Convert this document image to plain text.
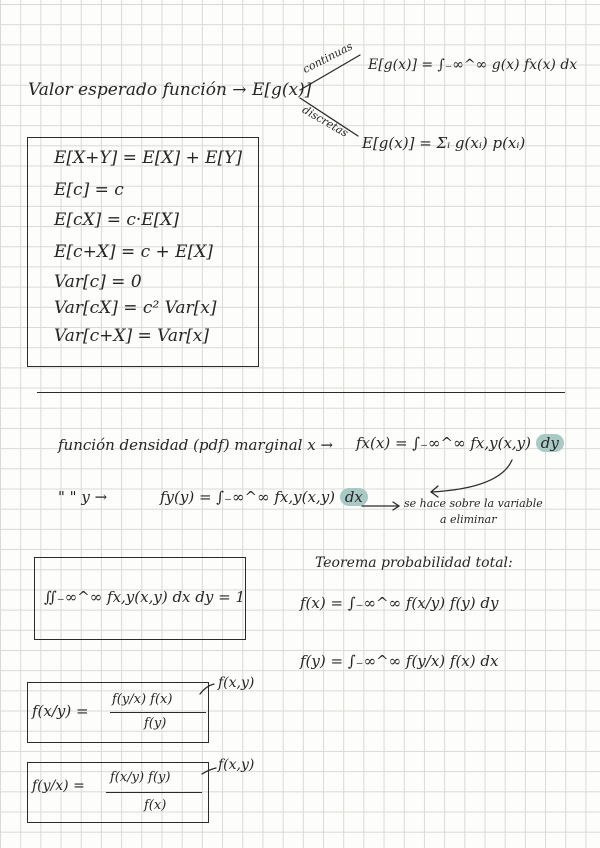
Valor esperado función → E[g(x)]
continuas
discretas
E[g(x)] = ∫₋∞^∞ g(x) fx(x) dx
E[g(x)] = Σᵢ g(xᵢ) p(xᵢ)
E[X+Y] = E[X] + E[Y]
E[c] = c
E[cX] = c·E[X]
E[c+X] = c + E[X]
Var[c] = 0
Var[cX] = c² Var[x]
Var[c+X] = Var[x]
función densidad (pdf) marginal x → fx(x) = ∫₋∞^∞ fx,y(x,y) dy
" " y →	fy(y) = ∫₋∞^∞ fx,y(x,y) dx	se hace sobre la variable
a eliminar
∬₋∞^∞ fx,y(x,y) dx dy = 1
Teorema probabilidad total:
f(x) = ∫₋∞^∞ f(x/y) f(y) dy
f(y) = ∫₋∞^∞ f(y/x) f(x) dx
f(x/y) =
f(y/x) f(x)
f(y)
f(x,y)
f(y/x) =
f(x/y) f(y)
f(x)
f(x,y)
